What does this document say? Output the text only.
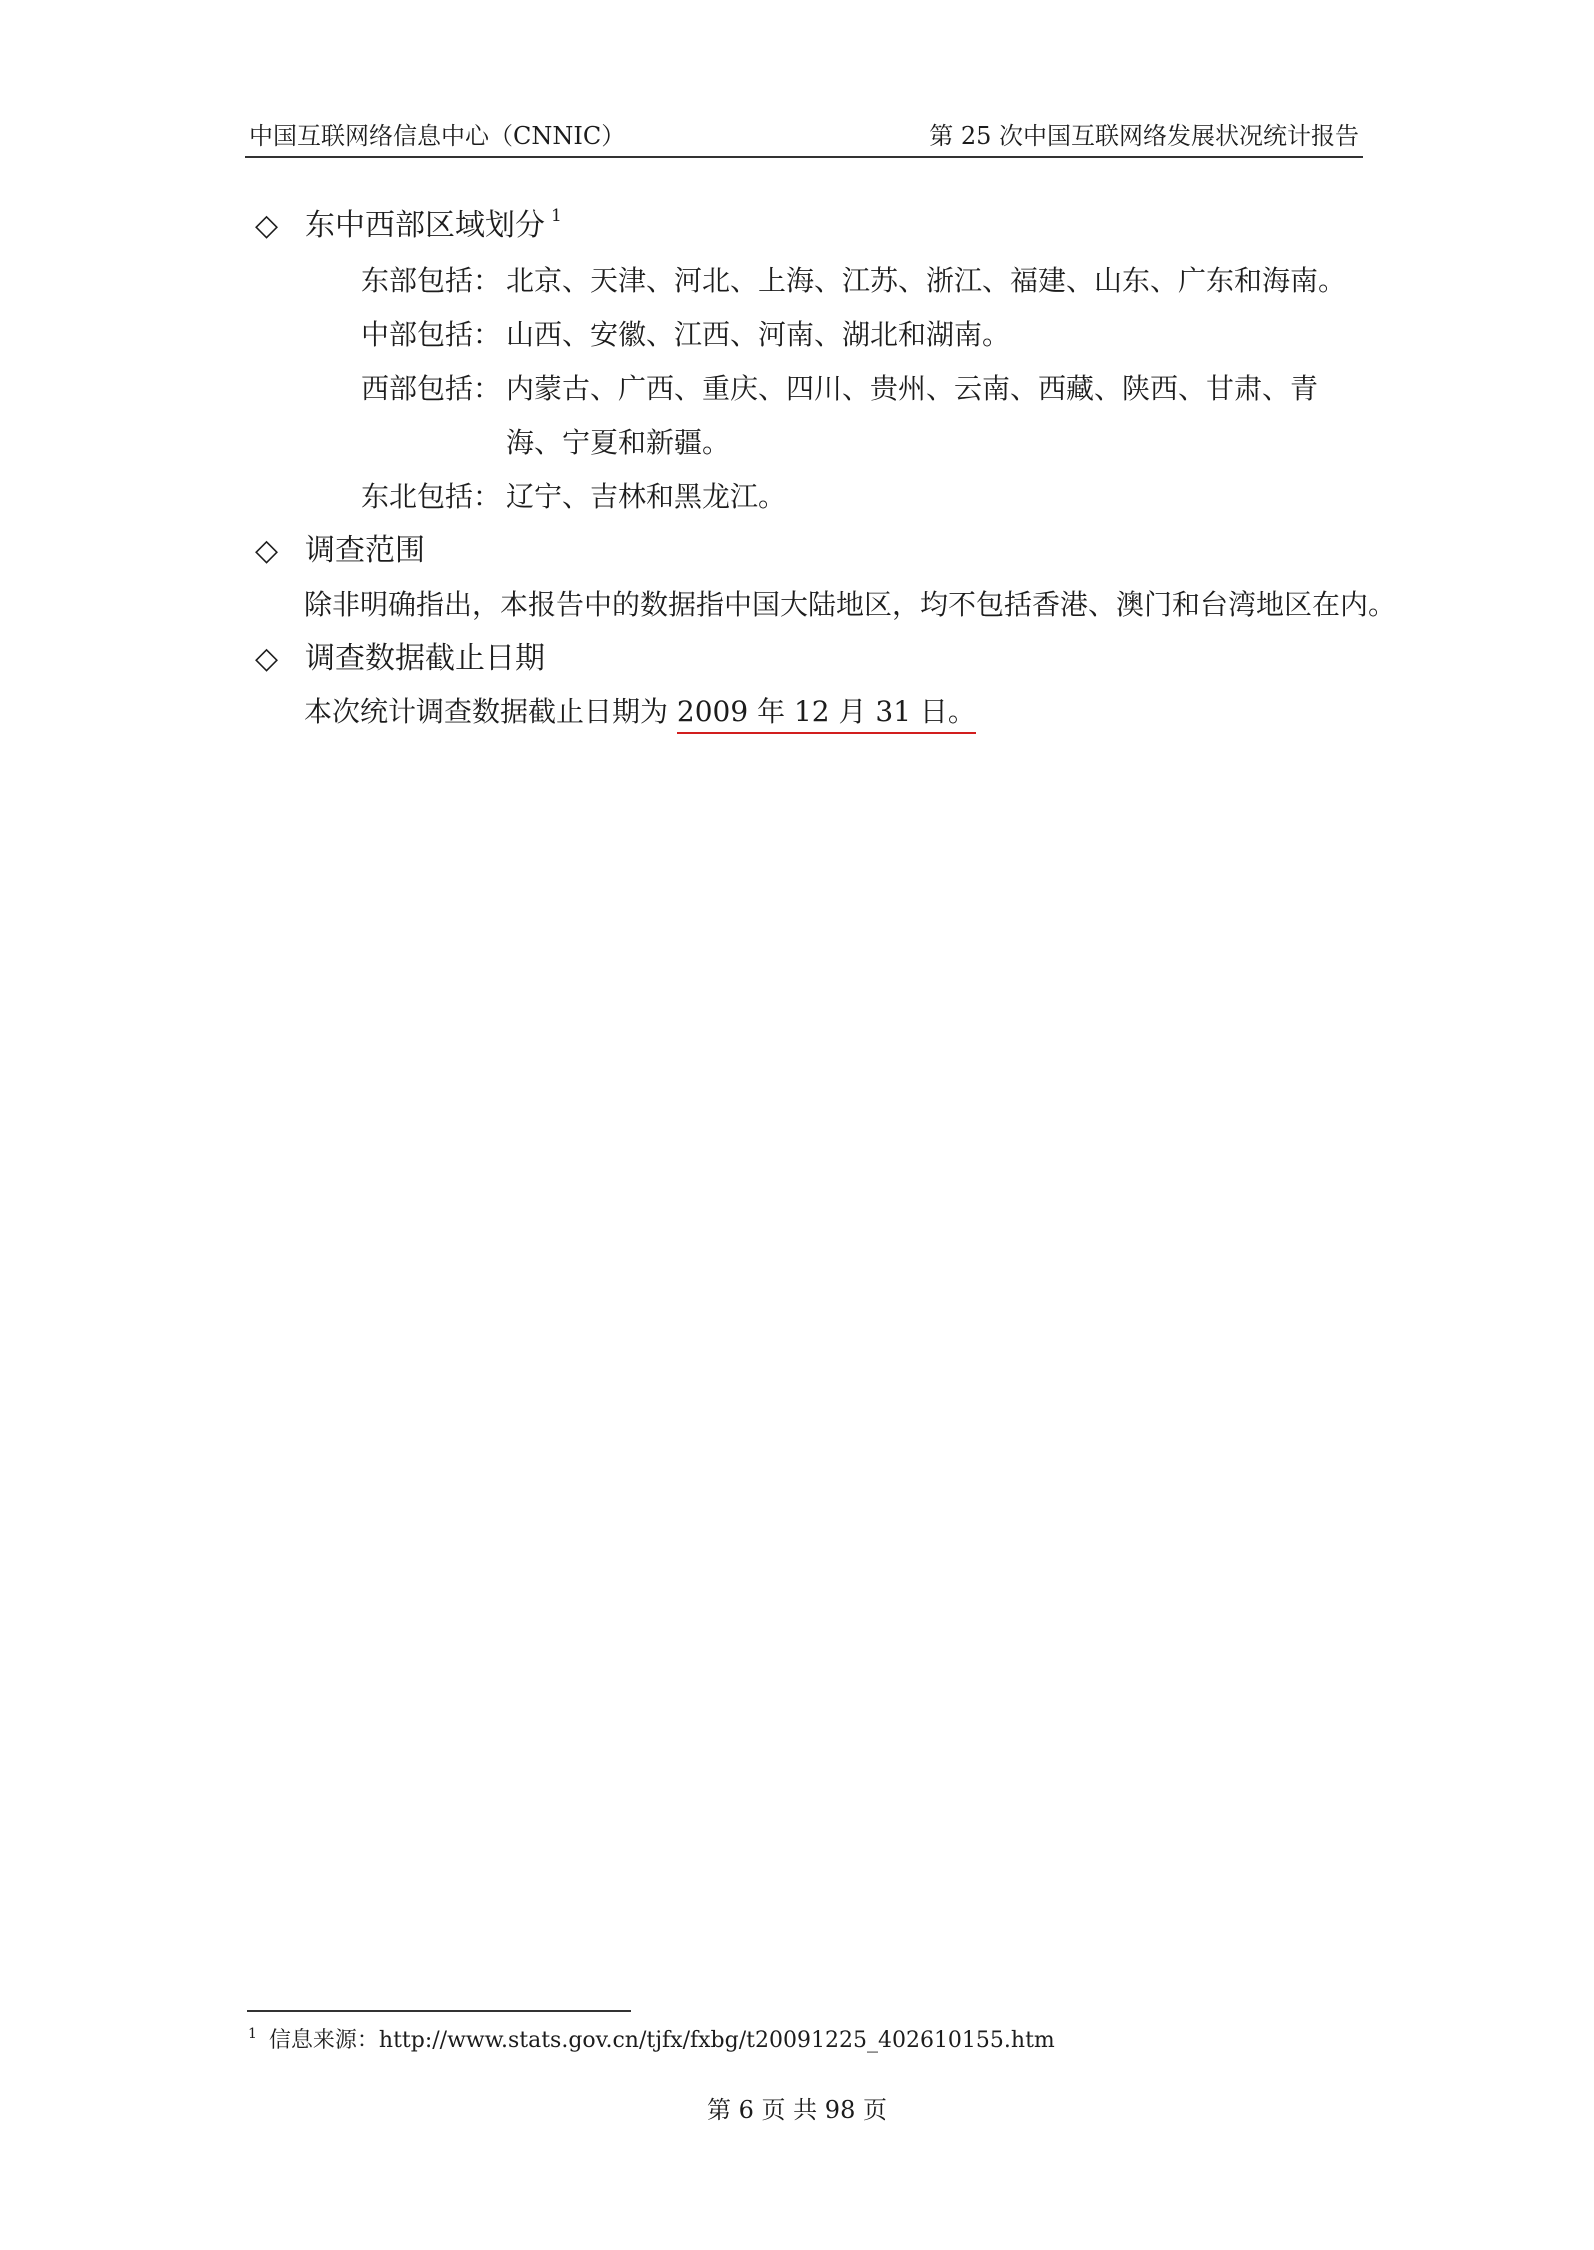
中国互联网络信息中心（CNNIC）	第 25 次中国互联网络发展状况统计报告
◇ 东中西部区域划分 $^1$
东部包括： 北京、天津、河北、上海、江苏、浙江、福建、山东、广东和海南。
中部包括： 山西、安徽、江西、河南、湖北和湖南。
西部包括： 内蒙古、广西、重庆、四川、贵州、云南、西藏、陕西、甘肃、青
海、宁夏和新疆。
东北包括： 辽宁、吉林和黑龙江。
◇ 调查范围
除非明确指出，本报告中的数据指中国大陆地区，均不包括香港、澳门和台湾地区在内。
◇ 调查数据截止日期
本次统计调查数据截止日期为 2009 年 12 月 31 日。
$^1$ 信息来源：http://www.stats.gov.cn/tjfx/fxbg/t20091225_402610155.htm
第 6 页 共 98 页
